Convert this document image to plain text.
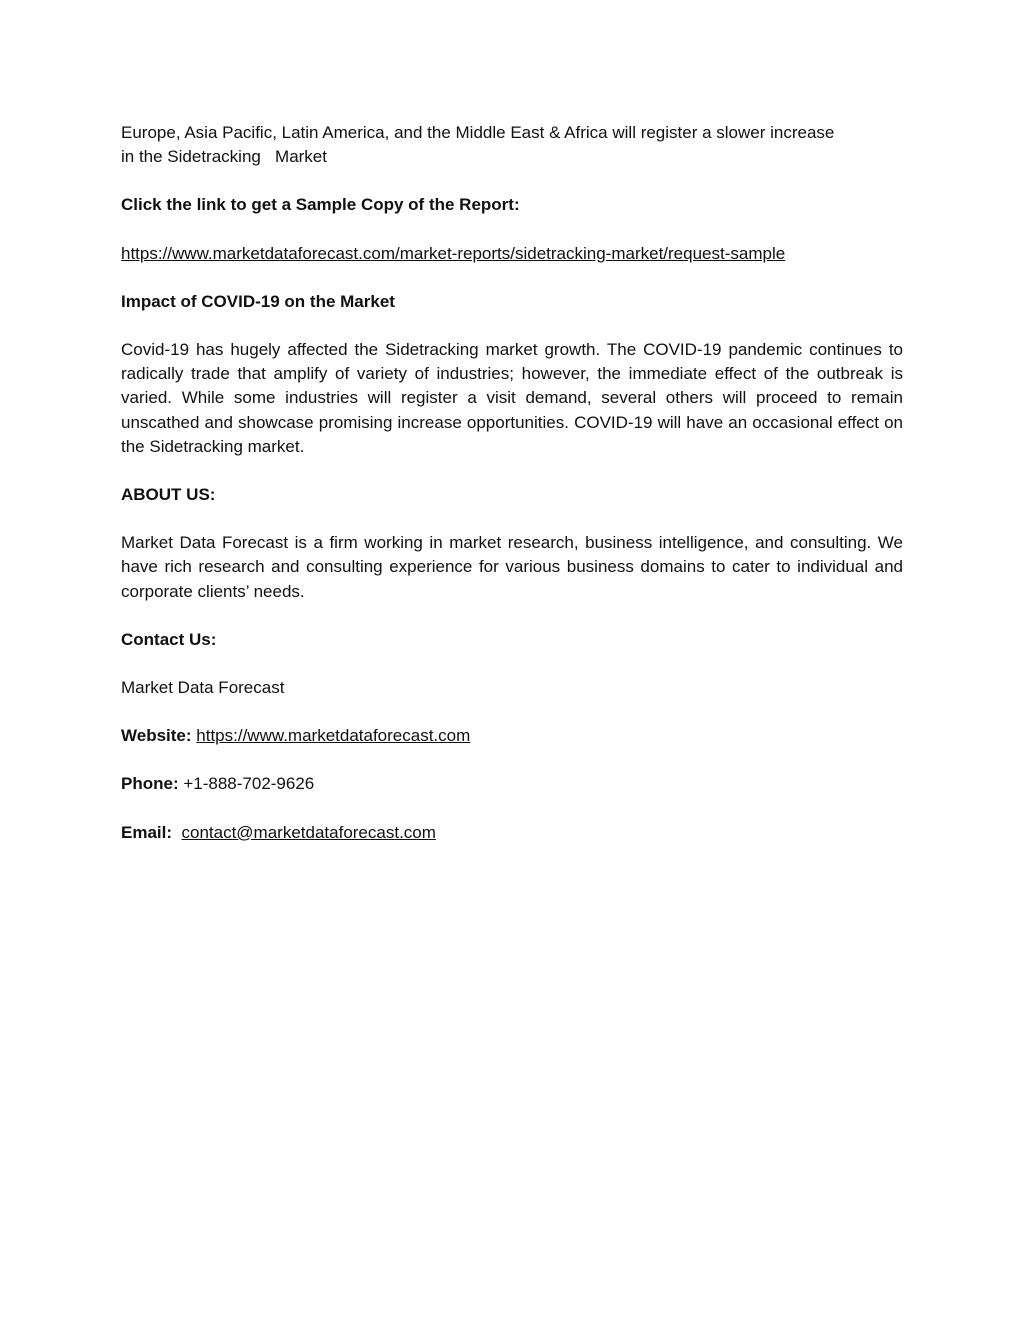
Europe, Asia Pacific, Latin America, and the Middle East & Africa will register a slower increase
in the Sidetracking   Market

Click the link to get a Sample Copy of the Report:

https://www.marketdataforecast.com/market-reports/sidetracking-market/request-sample

Impact of COVID-19 on the Market

Covid-19 has hugely affected the Sidetracking market growth. The COVID-19 pandemic continues to radically trade that amplify of variety of industries; however, the immediate effect of the outbreak is varied. While some industries will register a visit demand, several others will proceed to remain unscathed and showcase promising increase opportunities. COVID-19 will have an occasional effect on the Sidetracking market.

ABOUT US:

Market Data Forecast is a firm working in market research, business intelligence, and consulting. We have rich research and consulting experience for various business domains to cater to individual and corporate clients’ needs.

Contact Us:

Market Data Forecast

Website: https://www.marketdataforecast.com

Phone: +1-888-702-9626

Email: contact@marketdataforecast.com
